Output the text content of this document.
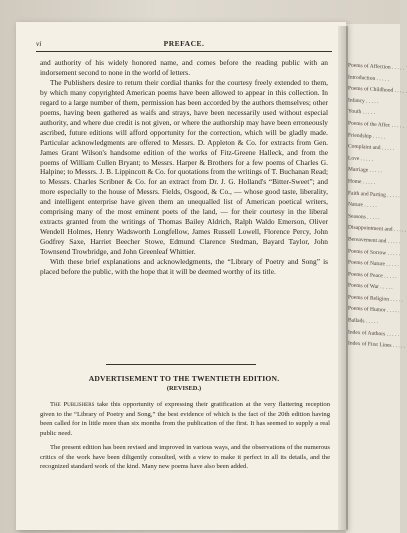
Poems of Affection . . . . .
Introduction . . . . .
Poems of Childhood . . . . .
Infancy . . . . .
Youth . . . . .
Poems of the Affec . . . . .
Friendship . . . . .
Complaint and . . . . .
Love . . . . .
Marriage . . . . .
Home . . . . .
Faith and Parting . . . . .
Nature . . . . .
Seasons . . . . .
Disappointment and . . . . .
Bereavement and . . . . .
Poems of Sorrow . . . . .
Poems of Nature . . . . .
Poems of Peace . . . . .
Poems of War . . . . .
Poems of Religion . . . . .
Poems of Humor . . . . .
Ballads . . . . .
Index of Authors . . . . .
Index of First Lines . . . . .
vi	PREFACE.

and authority of his widely honored name, and comes before the reading public with an indorsement second to none in the world of letters.

The Publishers desire to return their cordial thanks for the courtesy freely extended to them, by which many copyrighted American poems have been allowed to appear in this collection. In regard to a large number of them, permission has been accorded by the authors themselves; other poems, having been gathered as waifs and strays, have been necessarily used without especial authority, and where due credit is not given, or where the authorship may have been erroneously ascribed, future editions will afford opportunity for the correction, which will be gladly made. Particular acknowledgments are offered to Messrs. D. Appleton & Co. for extracts from Gen. James Grant Wilson's handsome edition of the works of Fitz-Greene Halleck, and from the poems of William Cullen Bryant; to Messrs. Harper & Brothers for a few poems of Charles G. Halpine; to Messrs. J. B. Lippincott & Co. for quotations from the writings of T. Buchanan Read; to Messrs. Charles Scribner & Co. for an extract from Dr. J. G. Holland's “Bitter-Sweet”; and more especially to the house of Messrs. Fields, Osgood, & Co., — whose good taste, liberality, and intelligent enterprise have given them an unequalled list of American poetical writers, comprising many of the most eminent poets of the land, — for their courtesy in the liberal extracts granted from the writings of Thomas Bailey Aldrich, Ralph Waldo Emerson, Oliver Wendell Holmes, Henry Wadsworth Longfellow, James Russell Lowell, Florence Percy, John Godfrey Saxe, Harriet Beecher Stowe, Edmund Clarence Stedman, Bayard Taylor, John Townsend Trowbridge, and John Greenleaf Whittier.

With these brief explanations and acknowledgments, the “Library of Poetry and Song” is placed before the public, with the hope that it will be deemed worthy of its title.

ADVERTISEMENT TO THE TWENTIETH EDITION.
(REVISED.)

The Publishers take this opportunity of expressing their gratification at the very flattering reception given to the “Library of Poetry and Song,” the best evidence of which is the fact of the 20th edition having been called for in little more than six months from the publication of the first. It has seemed to supply a real public need.

The present edition has been revised and improved in various ways, and the observations of the numerous critics of the work have been diligently consulted, with a view to make it perfect in all its details, and the recognized standard work of the kind. Many new poems have also been added.
